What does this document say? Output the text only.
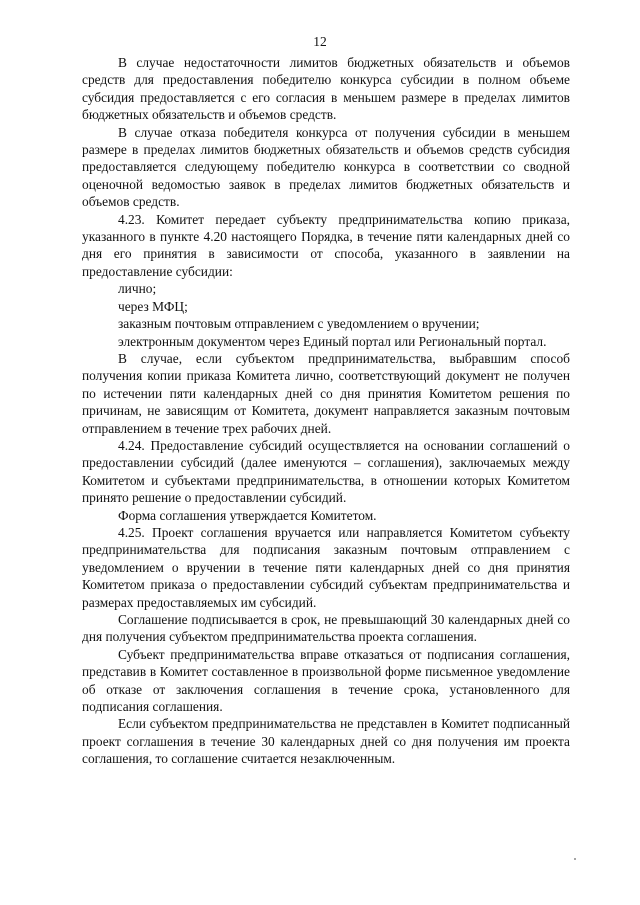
12

В случае недостаточности лимитов бюджетных обязательств и объемов средств для предоставления победителю конкурса субсидии в полном объеме субсидия предоставляется с его согласия в меньшем размере в пределах лимитов бюджетных обязательств и объемов средств.

В случае отказа победителя конкурса от получения субсидии в меньшем размере в пределах лимитов бюджетных обязательств и объемов средств субсидия предоставляется следующему победителю конкурса в соответствии со сводной оценочной ведомостью заявок в пределах лимитов бюджетных обязательств и объемов средств.

4.23. Комитет передает субъекту предпринимательства копию приказа, указанного в пункте 4.20 настоящего Порядка, в течение пяти календарных дней со дня его принятия в зависимости от способа, указанного в заявлении на предоставление субсидии:

лично;

через МФЦ;

заказным почтовым отправлением с уведомлением о вручении;

электронным документом через Единый портал или Региональный портал.

В случае, если субъектом предпринимательства, выбравшим способ получения копии приказа Комитета лично, соответствующий документ не получен по истечении пяти календарных дней со дня принятия Комитетом решения по причинам, не зависящим от Комитета, документ направляется заказным почтовым отправлением в течение трех рабочих дней.

4.24. Предоставление субсидий осуществляется на основании соглашений о предоставлении субсидий (далее именуются – соглашения), заключаемых между Комитетом и субъектами предпринимательства, в отношении которых Комитетом принято решение о предоставлении субсидий.

Форма соглашения утверждается Комитетом.

4.25. Проект соглашения вручается или направляется Комитетом субъекту предпринимательства для подписания заказным почтовым отправлением с уведомлением о вручении в течение пяти календарных дней со дня принятия Комитетом приказа о предоставлении субсидий субъектам предпринимательства и размерах предоставляемых им субсидий.

Соглашение подписывается в срок, не превышающий 30 календарных дней со дня получения субъектом предпринимательства проекта соглашения.

Субъект предпринимательства вправе отказаться от подписания соглашения, представив в Комитет составленное в произвольной форме письменное уведомление об отказе от заключения соглашения в течение срока, установленного для подписания соглашения.

Если субъектом предпринимательства не представлен в Комитет подписанный проект соглашения в течение 30 календарных дней со дня получения им проекта соглашения, то соглашение считается незаключенным.
